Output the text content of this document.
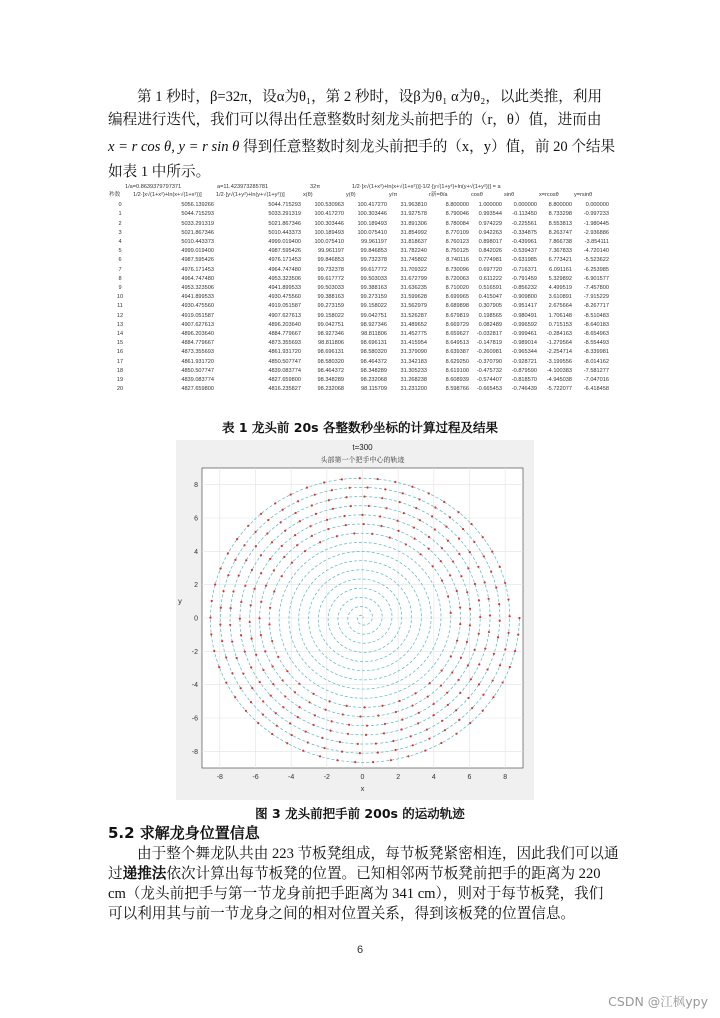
第 1 秒时，β=32π，设α为θ₁，第 2 秒时，设β为θ₁ α为θ₂，以此类推，利用
编程进行迭代，我们可以得出任意整数时刻龙头前把手的（r，θ）值，进而由
x = r cos θ, y = r sin θ 得到任意整数时刻龙头前把手的（x，y）值，前 20 个结果
如表 1 中所示。
1/a=0.8639379797371	a=11.423973285781	32π	1/2·[x√(1+x²)+ln(x+√(1+x²))]-1/2·[y√(1+y²)+ln(y+√(1+y²))] = a
秒数	1/2·[x√(1+x²)+ln(x+√(1+x²))]	1/2·[y√(1+y²)+ln(y+√(1+y²))]	x(θ)	y(θ)	y/π	r新=θ/a	cosθ	sinθ	x=rcosθ	y=rsinθ
0	5056.139266	5044.715293	100.530963	100.417270	31.963810	8.800000	1.000000	0.000000	8.800000	0.000000
1	5044.715293	5033.291319	100.417270	100.303446	31.927578	8.790046	0.993544	-0.113450	8.733298	-0.997233
2	5033.291319	5021.867346	100.303446	100.189493	31.891306	8.780084	0.974229	-0.225561	8.553813	-1.980445
3	5021.867346	5010.443373	100.189493	100.075410	31.854992	8.770109	0.942263	-0.334875	8.263747	-2.936886
4	5010.443373	4999.019400	100.075410	99.961197	31.818637	8.760123	0.898017	-0.439961	7.866738	-3.854111
5	4999.019400	4987.595426	99.961197	99.846853	31.782240	8.750125	0.842026	-0.539437	7.367833	-4.720140
6	4987.595426	4976.171453	99.846853	99.732378	31.745802	8.740116	0.774981	-0.631985	6.773421	-5.523622
7	4976.171453	4964.747480	99.732378	99.617772	31.709322	8.730096	0.697720	-0.716371	6.091161	-6.253985
8	4964.747480	4953.323506	99.617772	99.503033	31.672799	8.720063	0.611222	-0.791459	5.329892	-6.901577
9	4953.323506	4941.899533	99.503033	99.388163	31.636235	8.710020	0.516591	-0.856232	4.499519	-7.457800
10	4941.899533	4930.475560	99.388163	99.273159	31.599628	8.699965	0.415047	-0.909800	3.610891	-7.915229
11	4930.475560	4919.051587	99.273159	99.158022	31.562979	8.689898	0.307905	-0.951417	2.675664	-8.267717
12	4919.051587	4907.627613	99.158022	99.042751	31.526287	8.679819	0.198565	-0.980491	1.706148	-8.510483
13	4907.627613	4896.203640	99.042751	98.927346	31.489652	8.669729	0.082489	-0.996592	0.715153	-8.640183
14	4896.203640	4884.779667	98.927346	98.811806	31.452775	8.659627	-0.032817	-0.999461	-0.284163	-8.654963
15	4884.779667	4873.355693	98.811806	98.696131	31.415954	8.649513	-0.147819	-0.989014	-1.279564	-8.554493
16	4873.355693	4861.931720	98.696131	98.580320	31.379090	8.639387	-0.260981	-0.965344	-2.254714	-8.339981
17	4861.931720	4850.507747	98.580320	98.464372	31.342183	8.629250	-0.370790	-0.928721	-3.199556	-8.014162
18	4850.507747	4839.083774	98.464372	98.348289	31.305233	8.619100	-0.475732	-0.879590	-4.100383	-7.581277
19	4839.083774	4827.659800	98.348289	98.232068	31.268238	8.608939	-0.574407	-0.818570	-4.945038	-7.047016
20	4827.659800	4816.235827	98.232068	98.115709	31.231200	8.598766	-0.665453	-0.746439	-5.722077	-6.418458
表 1 龙头前 20s 各整数秒坐标的计算过程及结果
-8	-6	-4	-2	0	2	4	6	8
8
6
4
2
0
-2
-4
-6
-8
t=300
头部第一个把手中心的轨迹
x
y
图 3 龙头前把手前 200s 的运动轨迹
5.2 求解龙身位置信息
由于整个舞龙队共由 223 节板凳组成，每节板凳紧密相连，因此我们可以通
过递推法依次计算出每节板凳的位置。已知相邻两节板凳前把手的距离为 220
cm（龙头前把手与第一节龙身前把手距离为 341 cm），则对于每节板凳，我们
可以利用其与前一节龙身之间的相对位置关系，得到该板凳的位置信息。
6
CSDN @江枫ypy
